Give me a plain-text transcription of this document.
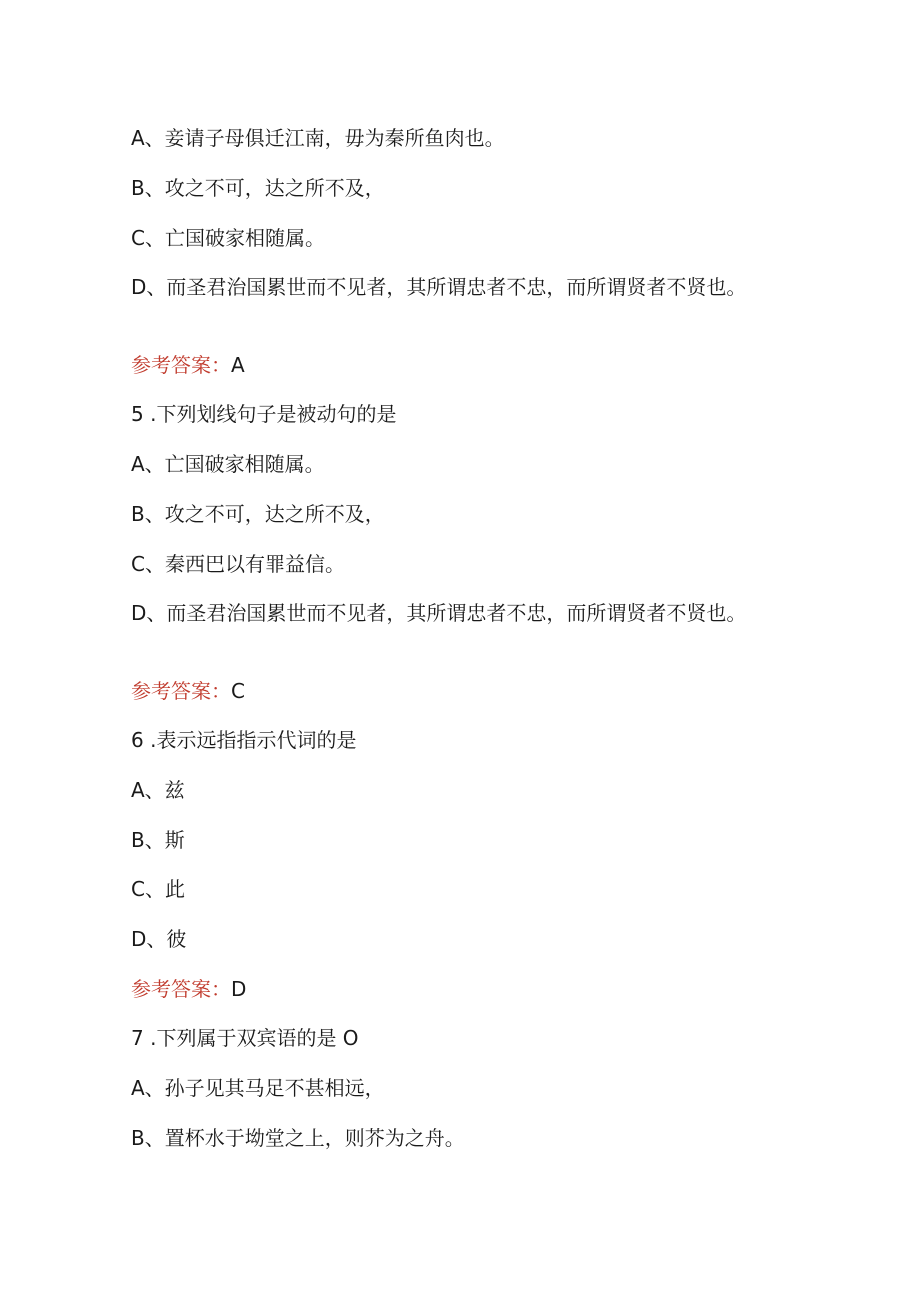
A、妾请子母俱迁江南，毋为秦所鱼肉也。
B、攻之不可，达之所不及，
C、亡国破家相随属。
D、而圣君治国累世而不见者，其所谓忠者不忠，而所谓贤者不贤也。
参考答案：A
5 .下列划线句子是被动句的是
A、亡国破家相随属。
B、攻之不可，达之所不及，
C、秦西巴以有罪益信。
D、而圣君治国累世而不见者，其所谓忠者不忠，而所谓贤者不贤也。
参考答案：C
6 .表示远指指示代词的是
A、兹
B、斯
C、此
D、彼
参考答案：D
7 .下列属于双宾语的是 O
A、孙子见其马足不甚相远，
B、置杯水于坳堂之上，则芥为之舟。
